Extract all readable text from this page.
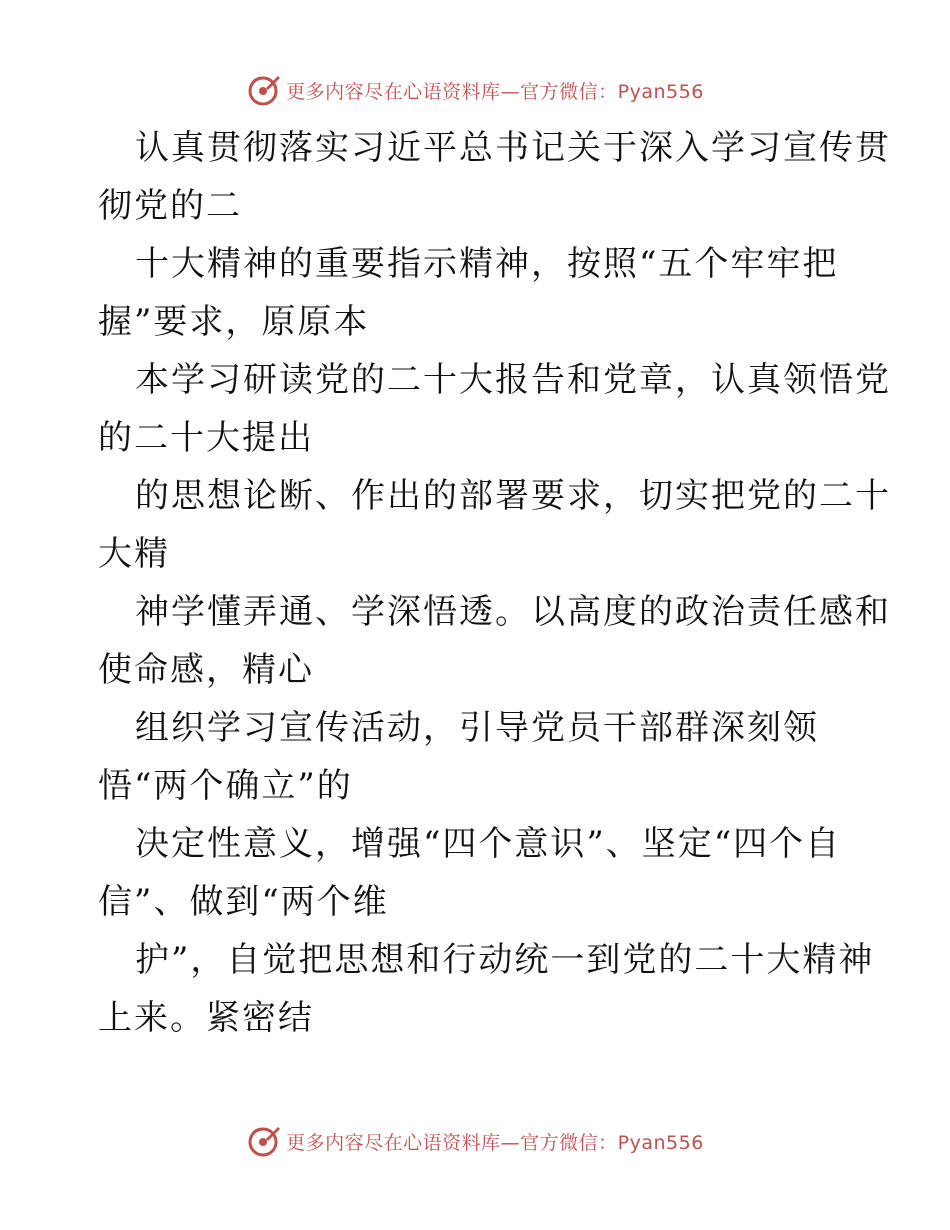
更多内容尽在心语资料库—官方微信：Pyan556
认真贯彻落实习近平总书记关于深入学习宣传贯
彻党的二
十大精神的重要指示精神，按照“五个牢牢把
握”要求，原原本
本学习研读党的二十大报告和党章，认真领悟党
的二十大提出
的思想论断、作出的部署要求，切实把党的二十
大精
神学懂弄通、学深悟透。以高度的政治责任感和
使命感，精心
组织学习宣传活动，引导党员干部群深刻领
悟“两个确立”的
决定性意义，增强“四个意识”、坚定“四个自
信”、做到“两个维
护”，自觉把思想和行动统一到党的二十大精神
上来。紧密结
更多内容尽在心语资料库—官方微信：Pyan556
